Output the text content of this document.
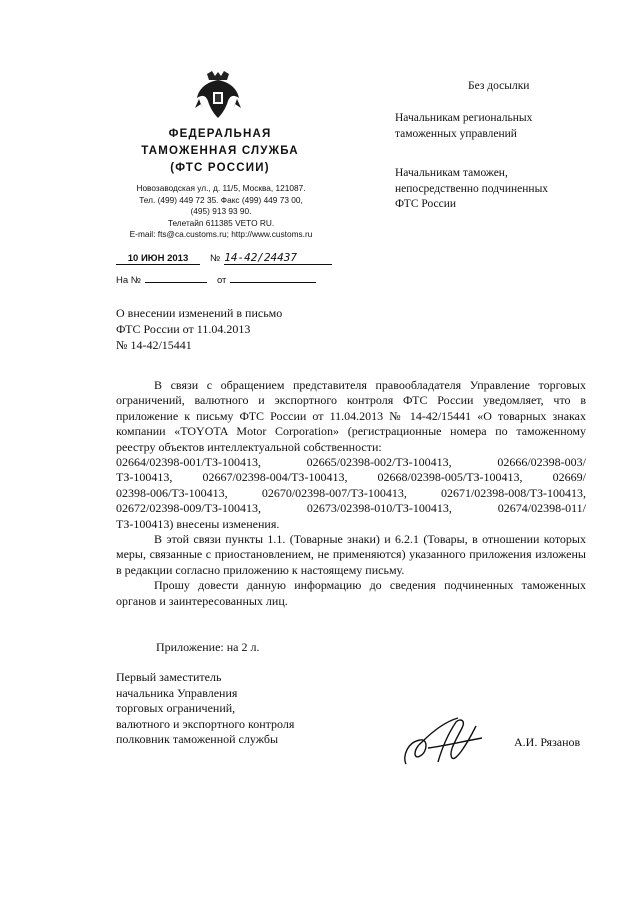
Без досылки
ФЕДЕРАЛЬНАЯ
ТАМОЖЕННАЯ СЛУЖБА
(ФТС РОССИИ)
Новозаводская ул., д. 11/5, Москва, 121087.
Тел. (499) 449 72 35. Факс (499) 449 73 00,
(495) 913 93 90.
Телетайп 611385 VETO RU.
E-mail: fts@ca.customs.ru; http://www.customs.ru
10 ИЮН 2013 № 14-42/24437
На №	от
Начальникам региональных
таможенных управлений
Начальникам таможен,
непосредственно подчиненных
ФТС России
О внесении изменений в письмо
ФТС России от 11.04.2013
№ 14-42/15441

В связи с обращением представителя правообладателя Управление торговых ограничений, валютного и экспортного контроля ФТС России уведомляет, что в приложение к письму ФТС России от 11.04.2013 № 14-42/15441 «О товарных знаках компании «TOYOTA Motor Corporation» (регистрационные номера по таможенному реестру объектов интеллектуальной собственности:

02664/02398-001/ТЗ-100413,	02665/02398-002/ТЗ-100413,	02666/02398-003/
ТЗ-100413,	02667/02398-004/ТЗ-100413,	02668/02398-005/ТЗ-100413,	02669/
02398-006/ТЗ-100413,	02670/02398-007/ТЗ-100413,	02671/02398-008/ТЗ-100413,
02672/02398-009/ТЗ-100413,	02673/02398-010/ТЗ-100413,	02674/02398-011/

ТЗ-100413) внесены изменения.

В этой связи пункты 1.1. (Товарные знаки) и 6.2.1 (Товары, в отношении которых меры, связанные с приостановлением, не применяются) указанного приложения изложены в редакции согласно приложению к настоящему письму.

Прошу довести данную информацию до сведения подчиненных таможенных органов и заинтересованных лиц.

Приложение: на 2 л.
Первый заместитель
начальника Управления
торговых ограничений,
валютного и экспортного контроля
полковник таможенной службы	А.И. Рязанов
